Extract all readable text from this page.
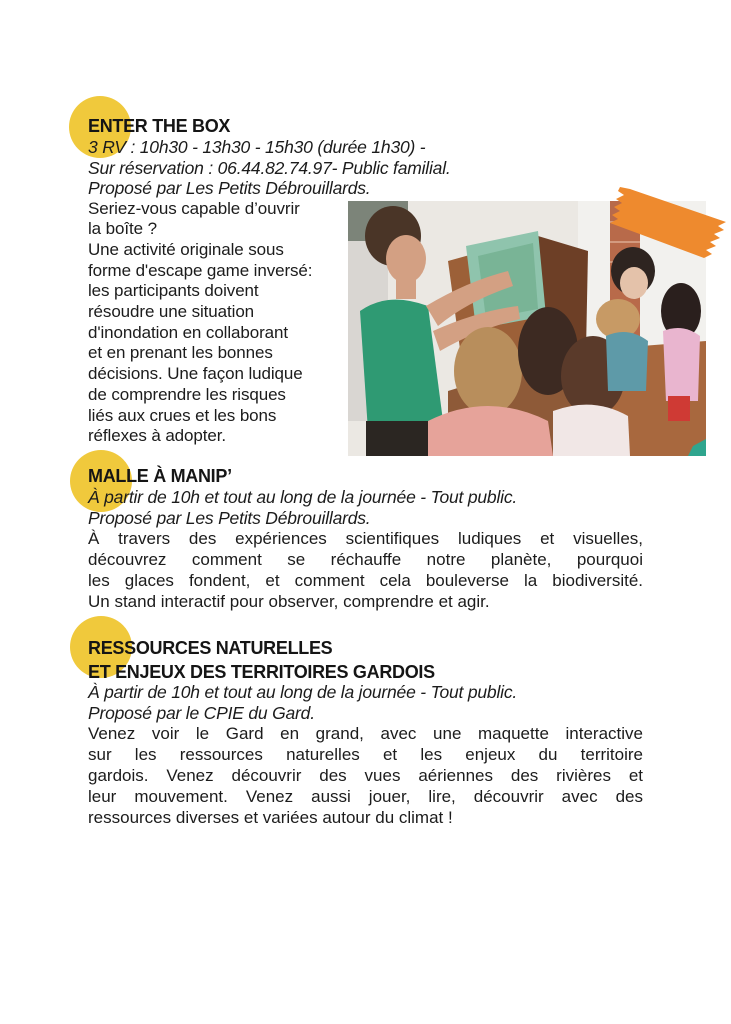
ENTER THE BOX
3 RV : 10h30 - 13h30 - 15h30 (durée 1h30) -
Sur réservation : 06.44.82.74.97- Public familial.
Proposé par Les Petits Débrouillards.
Seriez-vous capable d’ouvrir
la boîte ?
Une activité originale sous
forme d'escape game inversé:
les participants doivent
résoudre une situation
d'inondation en collaborant
et en prenant les bonnes
décisions. Une façon ludique
de comprendre les risques
liés aux crues et les bons
réflexes à adopter.
MALLE À MANIP’
À partir de 10h et tout au long de la journée - Tout public.
Proposé par Les Petits Débrouillards.
À travers des expériences scientifiques ludiques et visuelles,
découvrez comment se réchauffe notre planète, pourquoi
les glaces fondent, et comment cela bouleverse la biodiversité.
Un stand interactif pour observer, comprendre et agir.
RESSOURCES NATURELLES
ET ENJEUX DES TERRITOIRES GARDOIS
À partir de 10h et tout au long de la journée - Tout public.
Proposé par le CPIE du Gard.
Venez voir le Gard en grand, avec une maquette interactive
sur les ressources naturelles et les enjeux du territoire
gardois. Venez découvrir des vues aériennes des rivières et
leur mouvement. Venez aussi jouer, lire, découvrir avec des
ressources diverses et variées autour du climat !
